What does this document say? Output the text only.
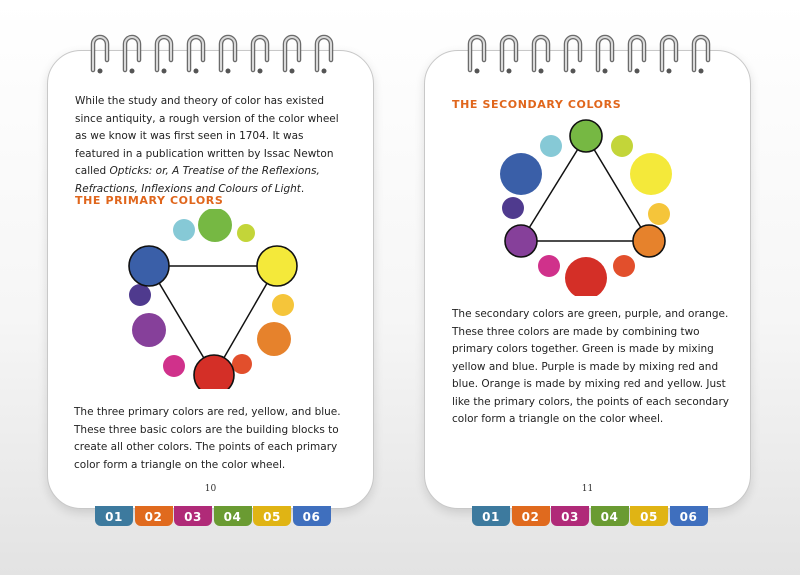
While the study and theory of color has existed since antiquity, a rough version of the color wheel as we know it was first seen in 1704. It was featured in a publication written by Issac Newton called Opticks: or, A Treatise of the Reflexions, Refractions, Inflexions and Colours of Light.

THE PRIMARY COLORS
10
THE SECONDARY COLORS

The secondary colors are green, purple, and orange. These three colors are made by combining two primary colors together. Green is made by mixing yellow and blue. Purple is made by mixing red and blue. Orange is made by mixing red and yellow. Just like the primary colors, the points of each secondary color form a triangle on the color wheel.

11

The three primary colors are red, yellow, and blue. These three basic colors are the building blocks to create all other colors. The points of each primary color form a triangle on the color wheel.

01	02	03	04	05	06	01	02	03	04	05	06
